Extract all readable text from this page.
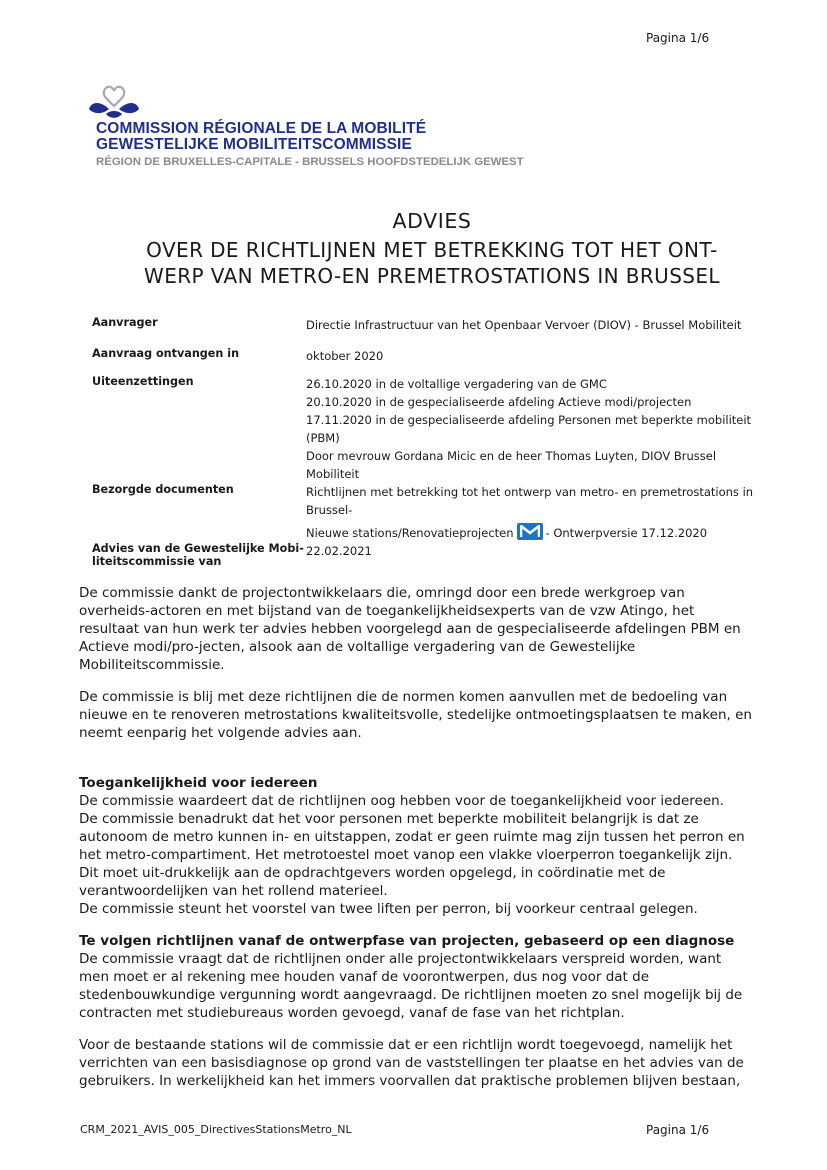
Pagina 1/6
COMMISSION RÉGIONALE DE LA MOBILITÉ
GEWESTELIJKE MOBILITEITSCOMMISSIE
RÉGION DE BRUXELLES-CAPITALE - BRUSSELS HOOFDSTEDELIJK GEWEST
ADVIES
OVER DE RICHTLIJNEN MET BETREKKING TOT HET ONT-
WERP VAN METRO-EN PREMETROSTATIONS IN BRUSSEL
Aanvrager	Directie Infrastructuur van het Openbaar Vervoer (DIOV) - Brussel Mobiliteit
Aanvraag ontvangen in	oktober 2020
Uiteenzettingen	26.10.2020 in de voltallige vergadering van de GMC
20.10.2020 in de gespecialiseerde afdeling Actieve modi/projecten
17.11.2020 in de gespecialiseerde afdeling Personen met beperkte mobiliteit (PBM)
Door mevrouw Gordana Micic en de heer Thomas Luyten, DIOV Brussel Mobiliteit

Bezorgde documenten	Richtlijnen met betrekking tot het ontwerp van metro- en premetrostations in Brussel-
Nieuwe stations/Renovatieprojecten - Ontwerpversie 17.12.2020

Advies van de Gewestelijke Mobi-
liteitscommissie van	22.02.2021

De commissie dankt de projectontwikkelaars die, omringd door een brede werkgroep van overheids-actoren en met bijstand van de toegankelijkheidsexperts van de vzw Atingo, het resultaat van hun werk ter advies hebben voorgelegd aan de gespecialiseerde afdelingen PBM en Actieve modi/pro-jecten, alsook aan de voltallige vergadering van de Gewestelijke Mobiliteitscommissie.

De commissie is blij met deze richtlijnen die de normen komen aanvullen met de bedoeling van nieuwe en te renoveren metrostations kwaliteitsvolle, stedelijke ontmoetingsplaatsen te maken, en neemt eenparig het volgende advies aan.

Toegankelijkheid voor iedereen

De commissie waardeert dat de richtlijnen oog hebben voor de toegankelijkheid voor iedereen.

De commissie benadrukt dat het voor personen met beperkte mobiliteit belangrijk is dat ze autonoom de metro kunnen in- en uitstappen, zodat er geen ruimte mag zijn tussen het perron en het metro-compartiment. Het metrotoestel moet vanop een vlakke vloerperron toegankelijk zijn. Dit moet uit-drukkelijk aan de opdrachtgevers worden opgelegd, in coördinatie met de verantwoordelijken van het rollend materieel.

De commissie steunt het voorstel van twee liften per perron, bij voorkeur centraal gelegen.

Te volgen richtlijnen vanaf de ontwerpfase van projecten, gebaseerd op een diagnose

De commissie vraagt dat de richtlijnen onder alle projectontwikkelaars verspreid worden, want men moet er al rekening mee houden vanaf de voorontwerpen, dus nog voor dat de stedenbouwkundige vergunning wordt aangevraagd. De richtlijnen moeten zo snel mogelijk bij de contracten met studiebureaus worden gevoegd, vanaf de fase van het richtplan.

Voor de bestaande stations wil de commissie dat er een richtlijn wordt toegevoegd, namelijk het verrichten van een basisdiagnose op grond van de vaststellingen ter plaatse en het advies van de gebruikers. In werkelijkheid kan het immers voorvallen dat praktische problemen blijven bestaan,

CRM_2021_AVIS_005_DirectivesStationsMetro_NL	Pagina 1/6
